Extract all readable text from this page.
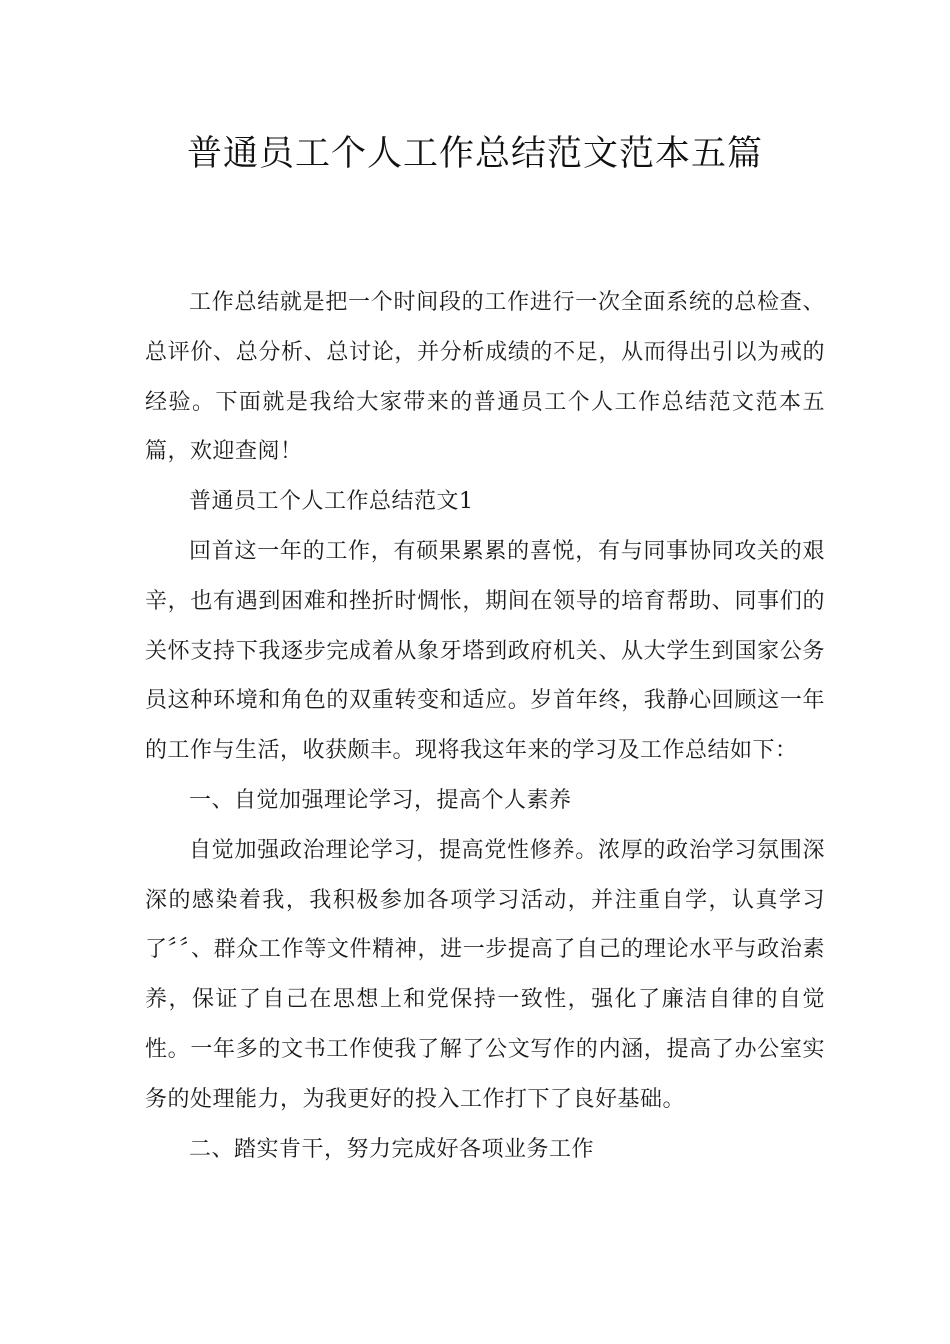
普通员工个人工作总结范文范本五篇

工作总结就是把一个时间段的工作进行一次全面系统的总检查、总评价、总分析、总讨论，并分析成绩的不足，从而得出引以为戒的经验。下面就是我给大家带来的普通员工个人工作总结范文范本五篇，欢迎查阅！

普通员工个人工作总结范文1

回首这一年的工作，有硕果累累的喜悦，有与同事协同攻关的艰辛，也有遇到困难和挫折时惆怅，期间在领导的培育帮助、同事们的关怀支持下我逐步完成着从象牙塔到政府机关、从大学生到国家公务员这种环境和角色的双重转变和适应。岁首年终，我静心回顾这一年的工作与生活，收获颇丰。现将我这年来的学习及工作总结如下：

一、自觉加强理论学习，提高个人素养

自觉加强政治理论学习，提高党性修养。浓厚的政治学习氛围深深的感染着我，我积极参加各项学习活动，并注重自学，认真学习了〞〞、群众工作等文件精神，进一步提高了自己的理论水平与政治素养，保证了自己在思想上和党保持一致性，强化了廉洁自律的自觉性。一年多的文书工作使我了解了公文写作的内涵，提高了办公室实务的处理能力，为我更好的投入工作打下了良好基础。

二、踏实肯干，努力完成好各项业务工作
